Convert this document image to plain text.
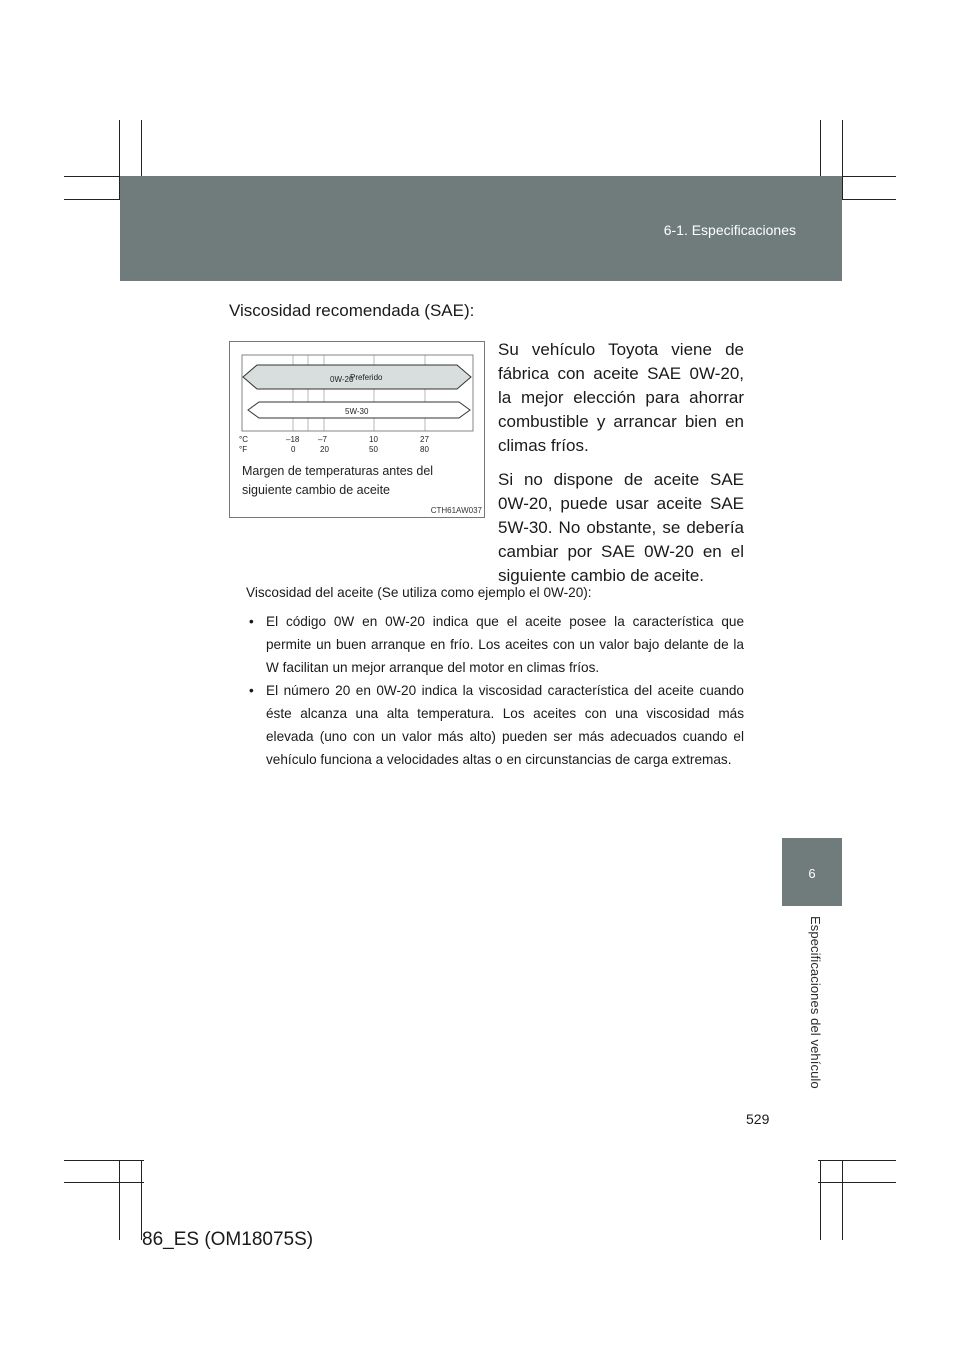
6-1. Especificaciones
6
Especificaciones del vehículo
529
86_ES (OM18075S)
Viscosidad recomendada (SAE):
0W-20
Preferido
5W-30
°C
°F
–18 –7	10	27
0	20	50	80
Margen de temperaturas antes del siguiente cambio de aceite
CTH61AW037

Su vehículo Toyota viene de fábrica con aceite SAE 0W-20, la mejor elección para ahorrar combustible y arrancar bien en climas fríos.

Si no dispone de aceite SAE 0W-20, puede usar aceite SAE 5W-30. No obstante, se debería cambiar por SAE 0W-20 en el siguiente cambio de aceite.

Viscosidad del aceite (Se utiliza como ejemplo el 0W-20):

• El código 0W en 0W-20 indica que el aceite posee la característica que permite un buen arranque en frío. Los aceites con un valor bajo delante de la W facilitan un mejor arranque del motor en climas fríos.

• El número 20 en 0W-20 indica la viscosidad característica del aceite cuando éste alcanza una alta temperatura. Los aceites con una viscosidad más elevada (uno con un valor más alto) pueden ser más adecuados cuando el vehículo funciona a velocidades altas o en circunstancias de carga extremas.
